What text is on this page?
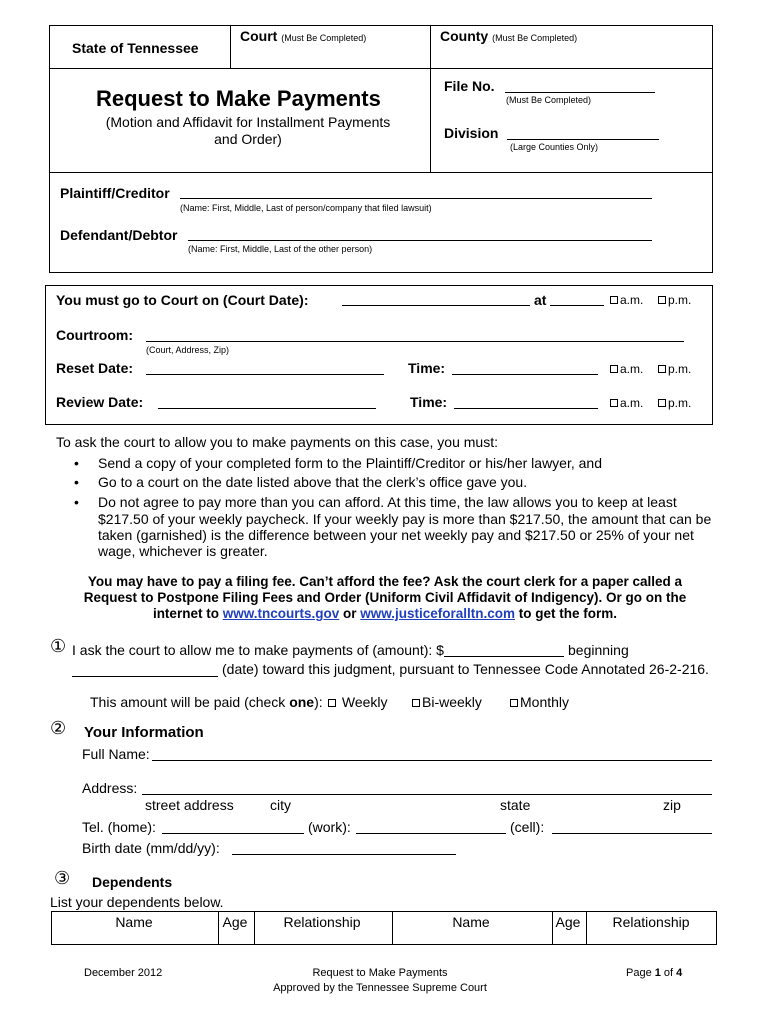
State of Tennessee
Court (Must Be Completed)	County (Must Be Completed)
Request to Make Payments
(Motion and Affidavit for Installment Payments
and Order)
File No.
(Must Be Completed)
Division
(Large Counties Only)
Plaintiff/Creditor
(Name: First, Middle, Last of person/company that filed lawsuit)
Defendant/Debtor
(Name: First, Middle, Last of the other person)
You must go to Court on (Court Date):	at	a.m.	p.m.
Courtroom:
(Court, Address, Zip)
Reset Date:	Time:	a.m.	p.m.
Review Date:	Time:	a.m.	p.m.
To ask the court to allow you to make payments on this case, you must:
• Send a copy of your completed form to the Plaintiff/Creditor or his/her lawyer, and
• Go to a court on the date listed above that the clerk’s office gave you.
• Do not agree to pay more than you can afford. At this time, the law allows you to keep at least
$217.50 of your weekly paycheck. If your weekly pay is more than $217.50, the amount that can be
taken (garnished) is the difference between your net weekly pay and $217.50 or 25% of your net
wage, whichever is greater.
You may have to pay a filing fee. Can’t afford the fee? Ask the court clerk for a paper called a
Request to Postpone Filing Fees and Order (Uniform Civil Affidavit of Indigency). Or go on the
internet to www.tncourts.gov or www.justiceforalltn.com to get the form.
① I ask the court to allow me to make payments of (amount): $	beginning
(date) toward this judgment, pursuant to Tennessee Code Annotated 26-2-216.
This amount will be paid (check one):	Weekly	Bi-weekly	Monthly
② Your Information
Full Name:
Address:
street address	city	state	zip
Tel. (home):	(work):	(cell):
Birth date (mm/dd/yy):
③ Dependents
List your dependents below.
Name	Age	Relationship	Name	Age	Relationship
December 2012	Request to Make Payments
Approved by the Tennessee Supreme Court
Page 1 of 4
